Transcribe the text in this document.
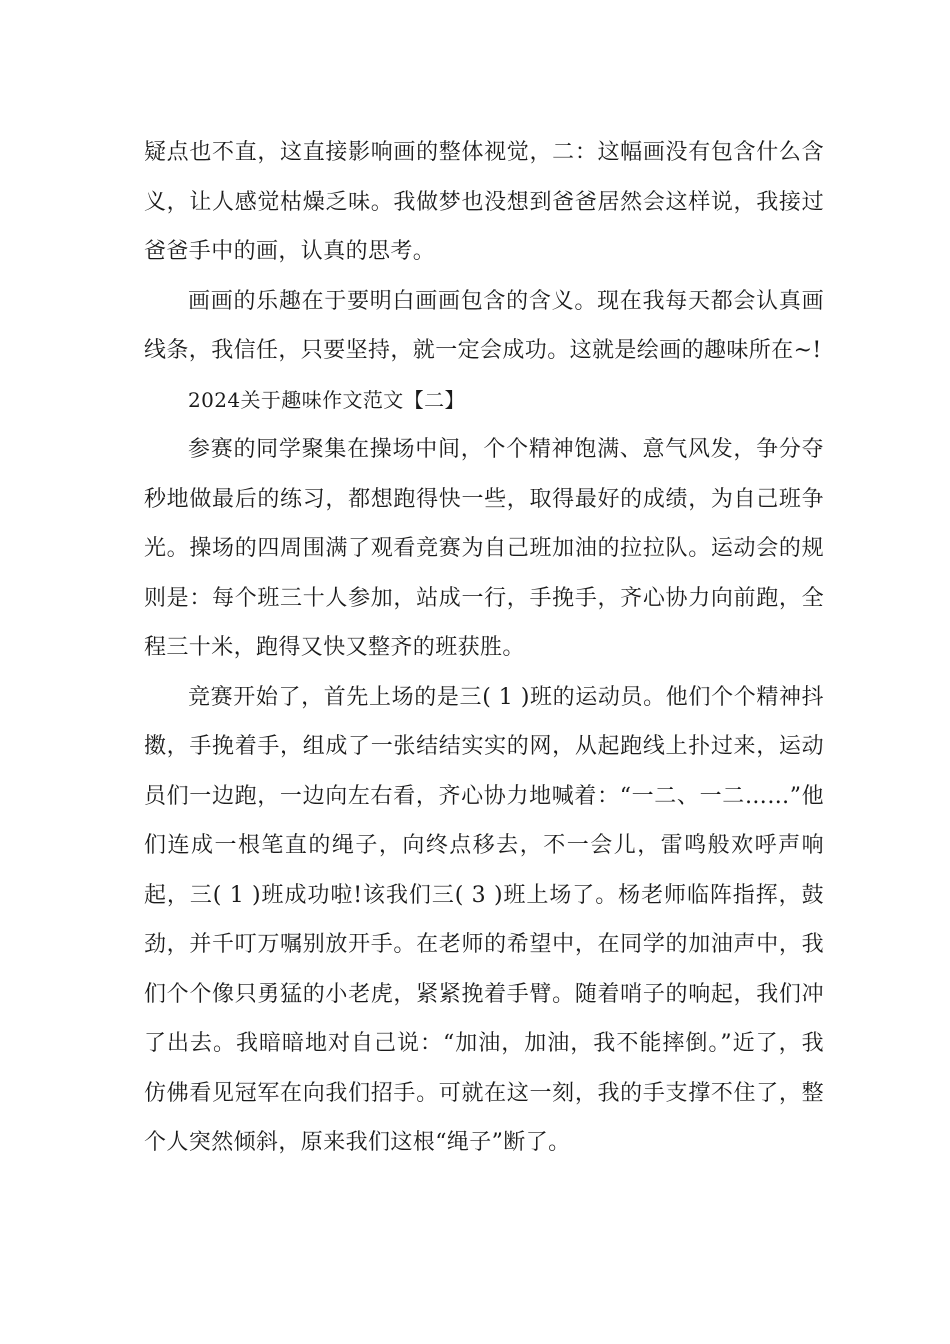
疑点也不直，这直接影响画的整体视觉，二：这幅画没有包含什么含义，让人感觉枯燥乏味。我做梦也没想到爸爸居然会这样说，我接过爸爸手中的画，认真的思考。

画画的乐趣在于要明白画画包含的含义。现在我每天都会认真画线条，我信任，只要坚持，就一定会成功。这就是绘画的趣味所在~!

2024关于趣味作文范文【二】

参赛的同学聚集在操场中间，个个精神饱满、意气风发，争分夺秒地做最后的练习，都想跑得快一些，取得最好的成绩，为自己班争光。操场的四周围满了观看竞赛为自己班加油的拉拉队。运动会的规则是：每个班三十人参加，站成一行，手挽手，齐心协力向前跑，全程三十米，跑得又快又整齐的班获胜。

竞赛开始了，首先上场的是三( 1 )班的运动员。他们个个精神抖擞，手挽着手，组成了一张结结实实的网，从起跑线上扑过来，运动员们一边跑，一边向左右看，齐心协力地喊着：“一二、一二……”他们连成一根笔直的绳子，向终点移去，不一会儿，雷鸣般欢呼声响起，三( 1 )班成功啦!该我们三( 3 )班上场了。杨老师临阵指挥，鼓劲，并千叮万嘱别放开手。在老师的希望中，在同学的加油声中，我们个个像只勇猛的小老虎，紧紧挽着手臂。随着哨子的响起，我们冲了出去。我暗暗地对自己说：“加油，加油，我不能摔倒。”近了，我仿佛看见冠军在向我们招手。可就在这一刻，我的手支撑不住了，整个人突然倾斜，原来我们这根“绳子”断了。
